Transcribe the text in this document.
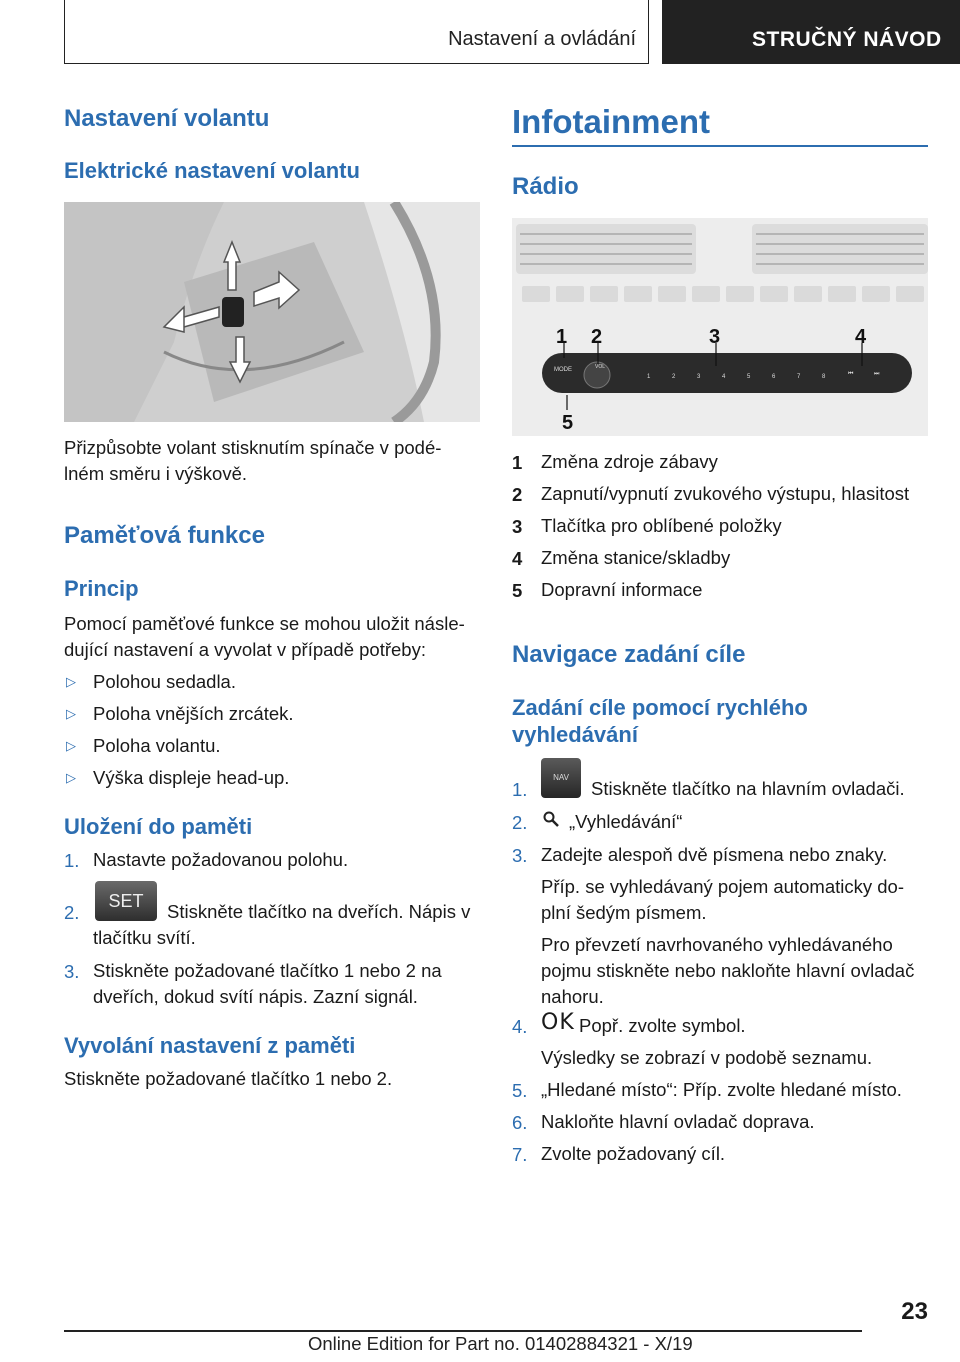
Nastavení a ovládání	STRUČNÝ NÁVOD
Nastavení volantu
Elektrické nastavení volantu
Přizpůsobte volant stisknutím spínače v podé-
lném směru i výškově.
Paměťová funkce
Princip
Pomocí paměťové funkce se mohou uložit násle-
dující nastavení a vyvolat v případě potřeby:
▷ Polohou sedadla.
▷ Poloha vnějších zrcátek.
▷ Poloha volantu.
▷ Výška displeje head-up.
Uložení do paměti
1. Nastavte požadovanou polohu.
2.
SET	Stiskněte tlačítko na dveřích. Nápis v
tlačítku svítí.
3. Stiskněte požadované tlačítko 1 nebo 2 na
dveřích, dokud svítí nápis. Zazní signál.
Vyvolání nastavení z paměti
Stiskněte požadované tlačítko 1 nebo 2.
Infotainment
Rádio
MODE	VOL
1	2	3	4	5	6	7	8	⏮	⏭
1 2	3	4
5
1 Změna zdroje zábavy
2 Zapnutí/vypnutí zvukového výstupu, hlasitost
3 Tlačítka pro oblíbené položky
4 Změna stanice/skladby
5 Dopravní informace
Navigace zadání cíle
Zadání cíle pomocí rychlého
vyhledávání
1.
NAV
Stiskněte tlačítko na hlavním ovladači.
2. „Vyhledávání“
3. Zadejte alespoň dvě písmena nebo znaky.
Příp. se vyhledávaný pojem automaticky do-
plní šedým písmem.
Pro převzetí navrhovaného vyhledávaného
pojmu stiskněte nebo nakloňte hlavní ovladač
nahoru.
4. OK Popř. zvolte symbol.
Výsledky se zobrazí v podobě seznamu.
5. „Hledané místo“: Příp. zvolte hledané místo.
6. Nakloňte hlavní ovladač doprava.
7. Zvolte požadovaný cíl.
23
Online Edition for Part no. 01402884321 - X/19
